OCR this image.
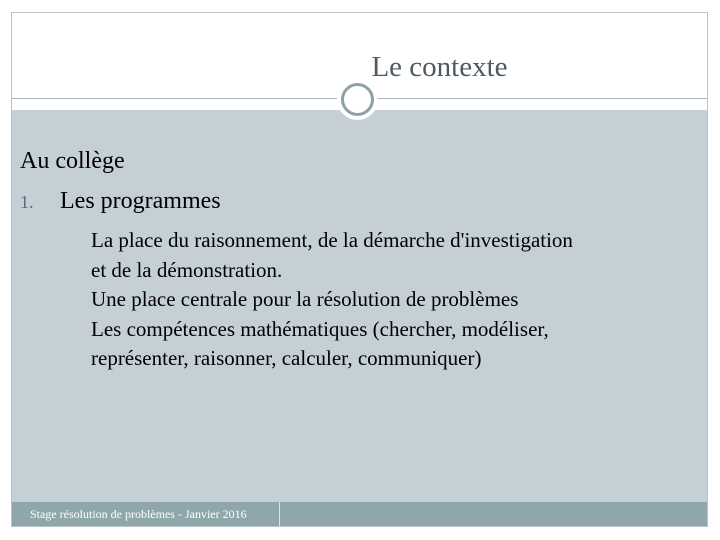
Le contexte
Au collège
1. Les programmes

La place du raisonnement, de la démarche d'investigation

et de la démonstration.

Une place centrale pour la résolution de problèmes

Les compétences mathématiques (chercher, modéliser,

représenter, raisonner, calculer, communiquer)

Stage résolution de problèmes - Janvier 2016
